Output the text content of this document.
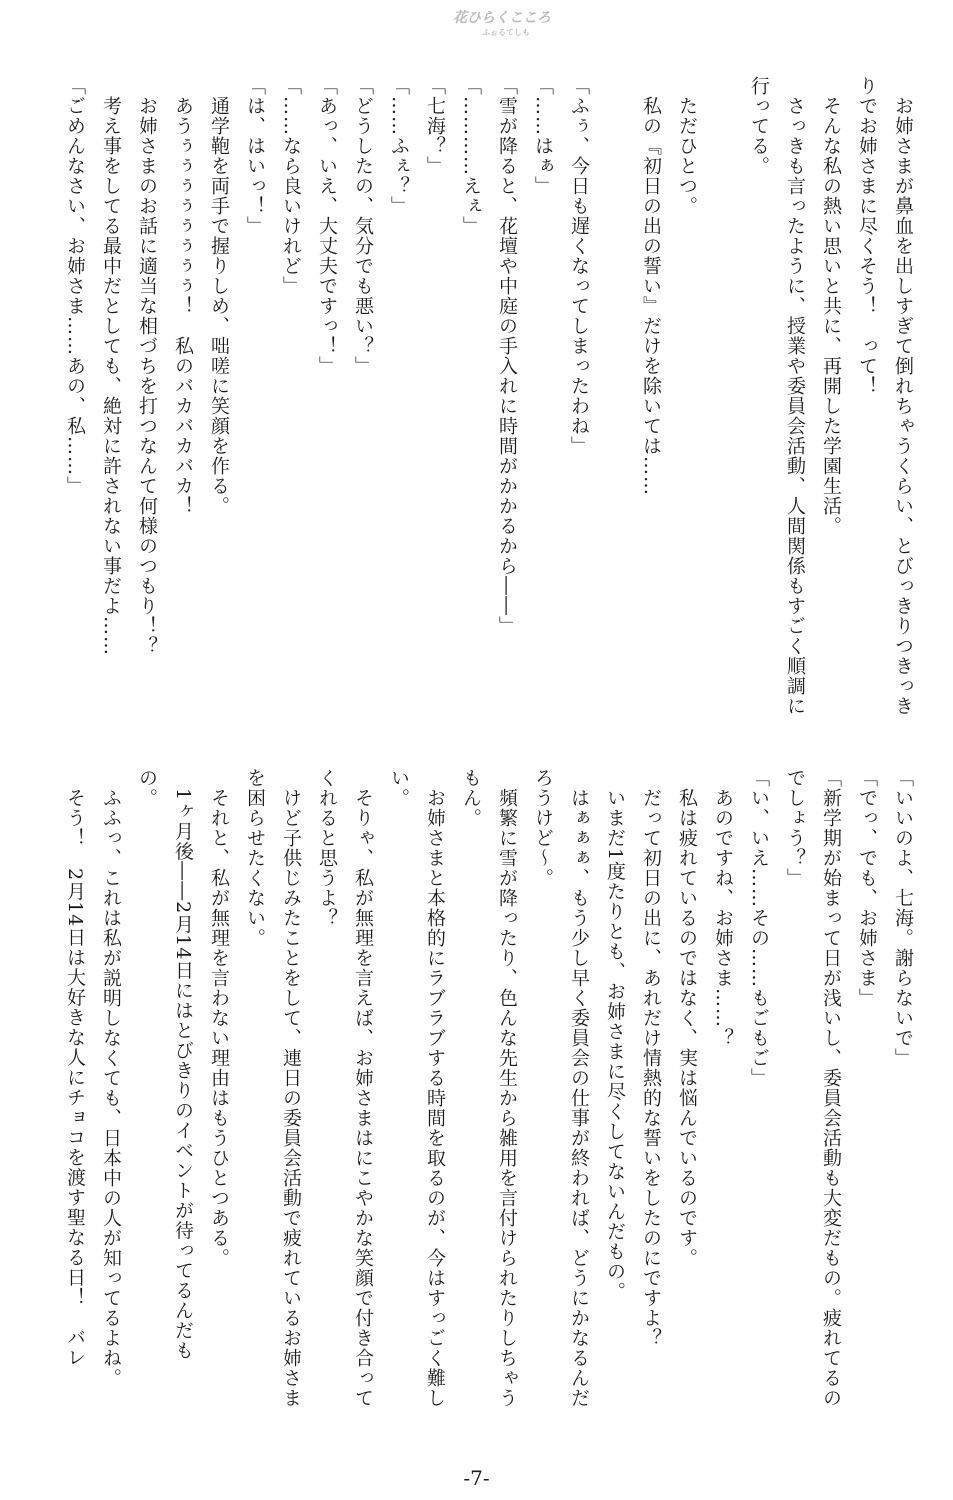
花ひらくこころ
ふぉるてしも
　お姉さまが鼻血を出しすぎて倒れちゃうくらい、とびっきりつきっき
りでお姉さまに尽くそう！　って！
　そんな私の熱い思いと共に、再開した学園生活。
　さっきも言ったように、授業や委員会活動、人間関係もすごく順調に
行ってる。

　ただひとつ。
　私の『初日の出の誓い』だけを除いては……

「ふぅ、今日も遅くなってしまったわね」
「……はぁ」
「雪が降ると、花壇や中庭の手入れに時間がかかるから――」
「…………えぇ」
「七海？」
「……ふぇ？」
「どうしたの、気分でも悪い？」
「あっ、いえ、大丈夫ですっ！」
「……なら良いけれど」
「は、はいっ！」
　通学鞄を両手で握りしめ、咄嗟に笑顔を作る。
　あうぅぅぅぅぅぅぅぅ！　私のバカバカバカ！
　お姉さまのお話に適当な相づちを打つなんて何様のつもり！？
　考え事をしてる最中だとしても、絶対に許されない事だよ……
「ごめんなさい、お姉さま……あの、私……」
「いいのよ、七海。謝らないで」
「でっ、でも、お姉さま」
「新学期が始まって日が浅いし、委員会活動も大変だもの。疲れてるの
でしょう？」
「い、いえ……その……もごもご」
　あのですね、お姉さま……？
　私は疲れているのではなく、実は悩んでいるのです。
　だって初日の出に、あれだけ情熱的な誓いをしたのにですよ？
　いまだ1度たりとも、お姉さまに尽くしてないんだもの。
　はぁぁぁ、もう少し早く委員会の仕事が終われば、どうにかなるんだ
ろうけど～。
　頻繁に雪が降ったり、色んな先生から雑用を言付けられたりしちゃう
もん。
　お姉さまと本格的にラブラブする時間を取るのが、今はすっごく難し
い。
　そりゃ、私が無理を言えば、お姉さまはにこやかな笑顔で付き合って
くれると思うよ？
　けど子供じみたことをして、連日の委員会活動で疲れているお姉さま
を困らせたくない。
　それと、私が無理を言わない理由はもうひとつある。
　1ヶ月後――2月14日にはとびきりのイベントが待ってるんだも
の。
　ふふっ、これは私が説明しなくても、日本中の人が知ってるよね。
　そう！　2月14日は大好きな人にチョコを渡す聖なる日！　バレ
-7-
